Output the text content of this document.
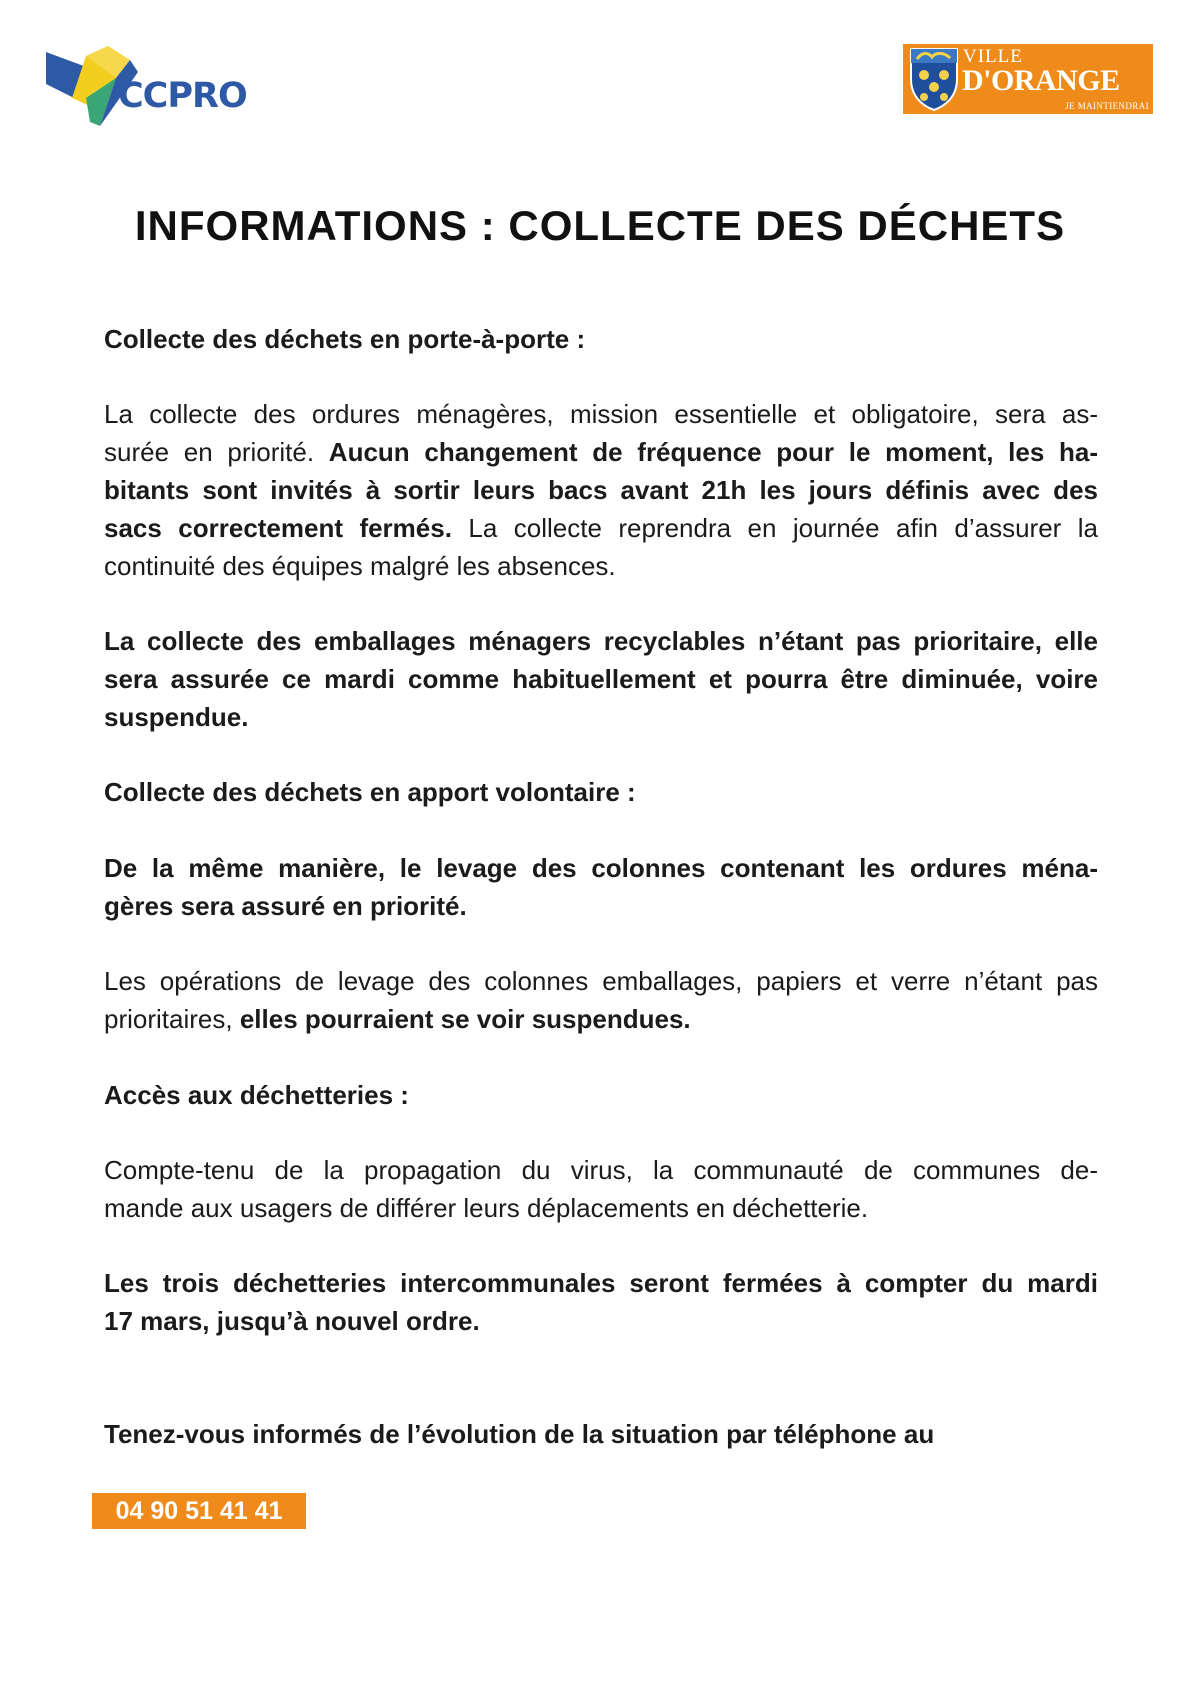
CCPRO
VILLE
D'ORANGE
JE MAINTIENDRAI
INFORMATIONS : COLLECTE DES DÉCHETS
Collecte des déchets en porte-à-porte :
La collecte des ordures ménagères, mission essentielle et obligatoire, sera as-
surée en priorité. Aucun changement de fréquence pour le moment, les ha-
bitants sont invités à sortir leurs bacs avant 21h les jours définis avec des
sacs correctement fermés. La collecte reprendra en journée afin d’assurer la
continuité des équipes malgré les absences.
La collecte des emballages ménagers recyclables n’étant pas prioritaire, elle
sera assurée ce mardi comme habituellement et pourra être diminuée, voire
suspendue.
Collecte des déchets en apport volontaire :
De la même manière, le levage des colonnes contenant les ordures ména-
gères sera assuré en priorité.
Les opérations de levage des colonnes emballages, papiers et verre n’étant pas
prioritaires, elles pourraient se voir suspendues.
Accès aux déchetteries :
Compte-tenu de la propagation du virus, la communauté de communes de-
mande aux usagers de différer leurs déplacements en déchetterie.
Les trois déchetteries intercommunales seront fermées à compter du mardi
17 mars, jusqu’à nouvel ordre.
Tenez-vous informés de l’évolution de la situation par téléphone au
04 90 51 41 41
